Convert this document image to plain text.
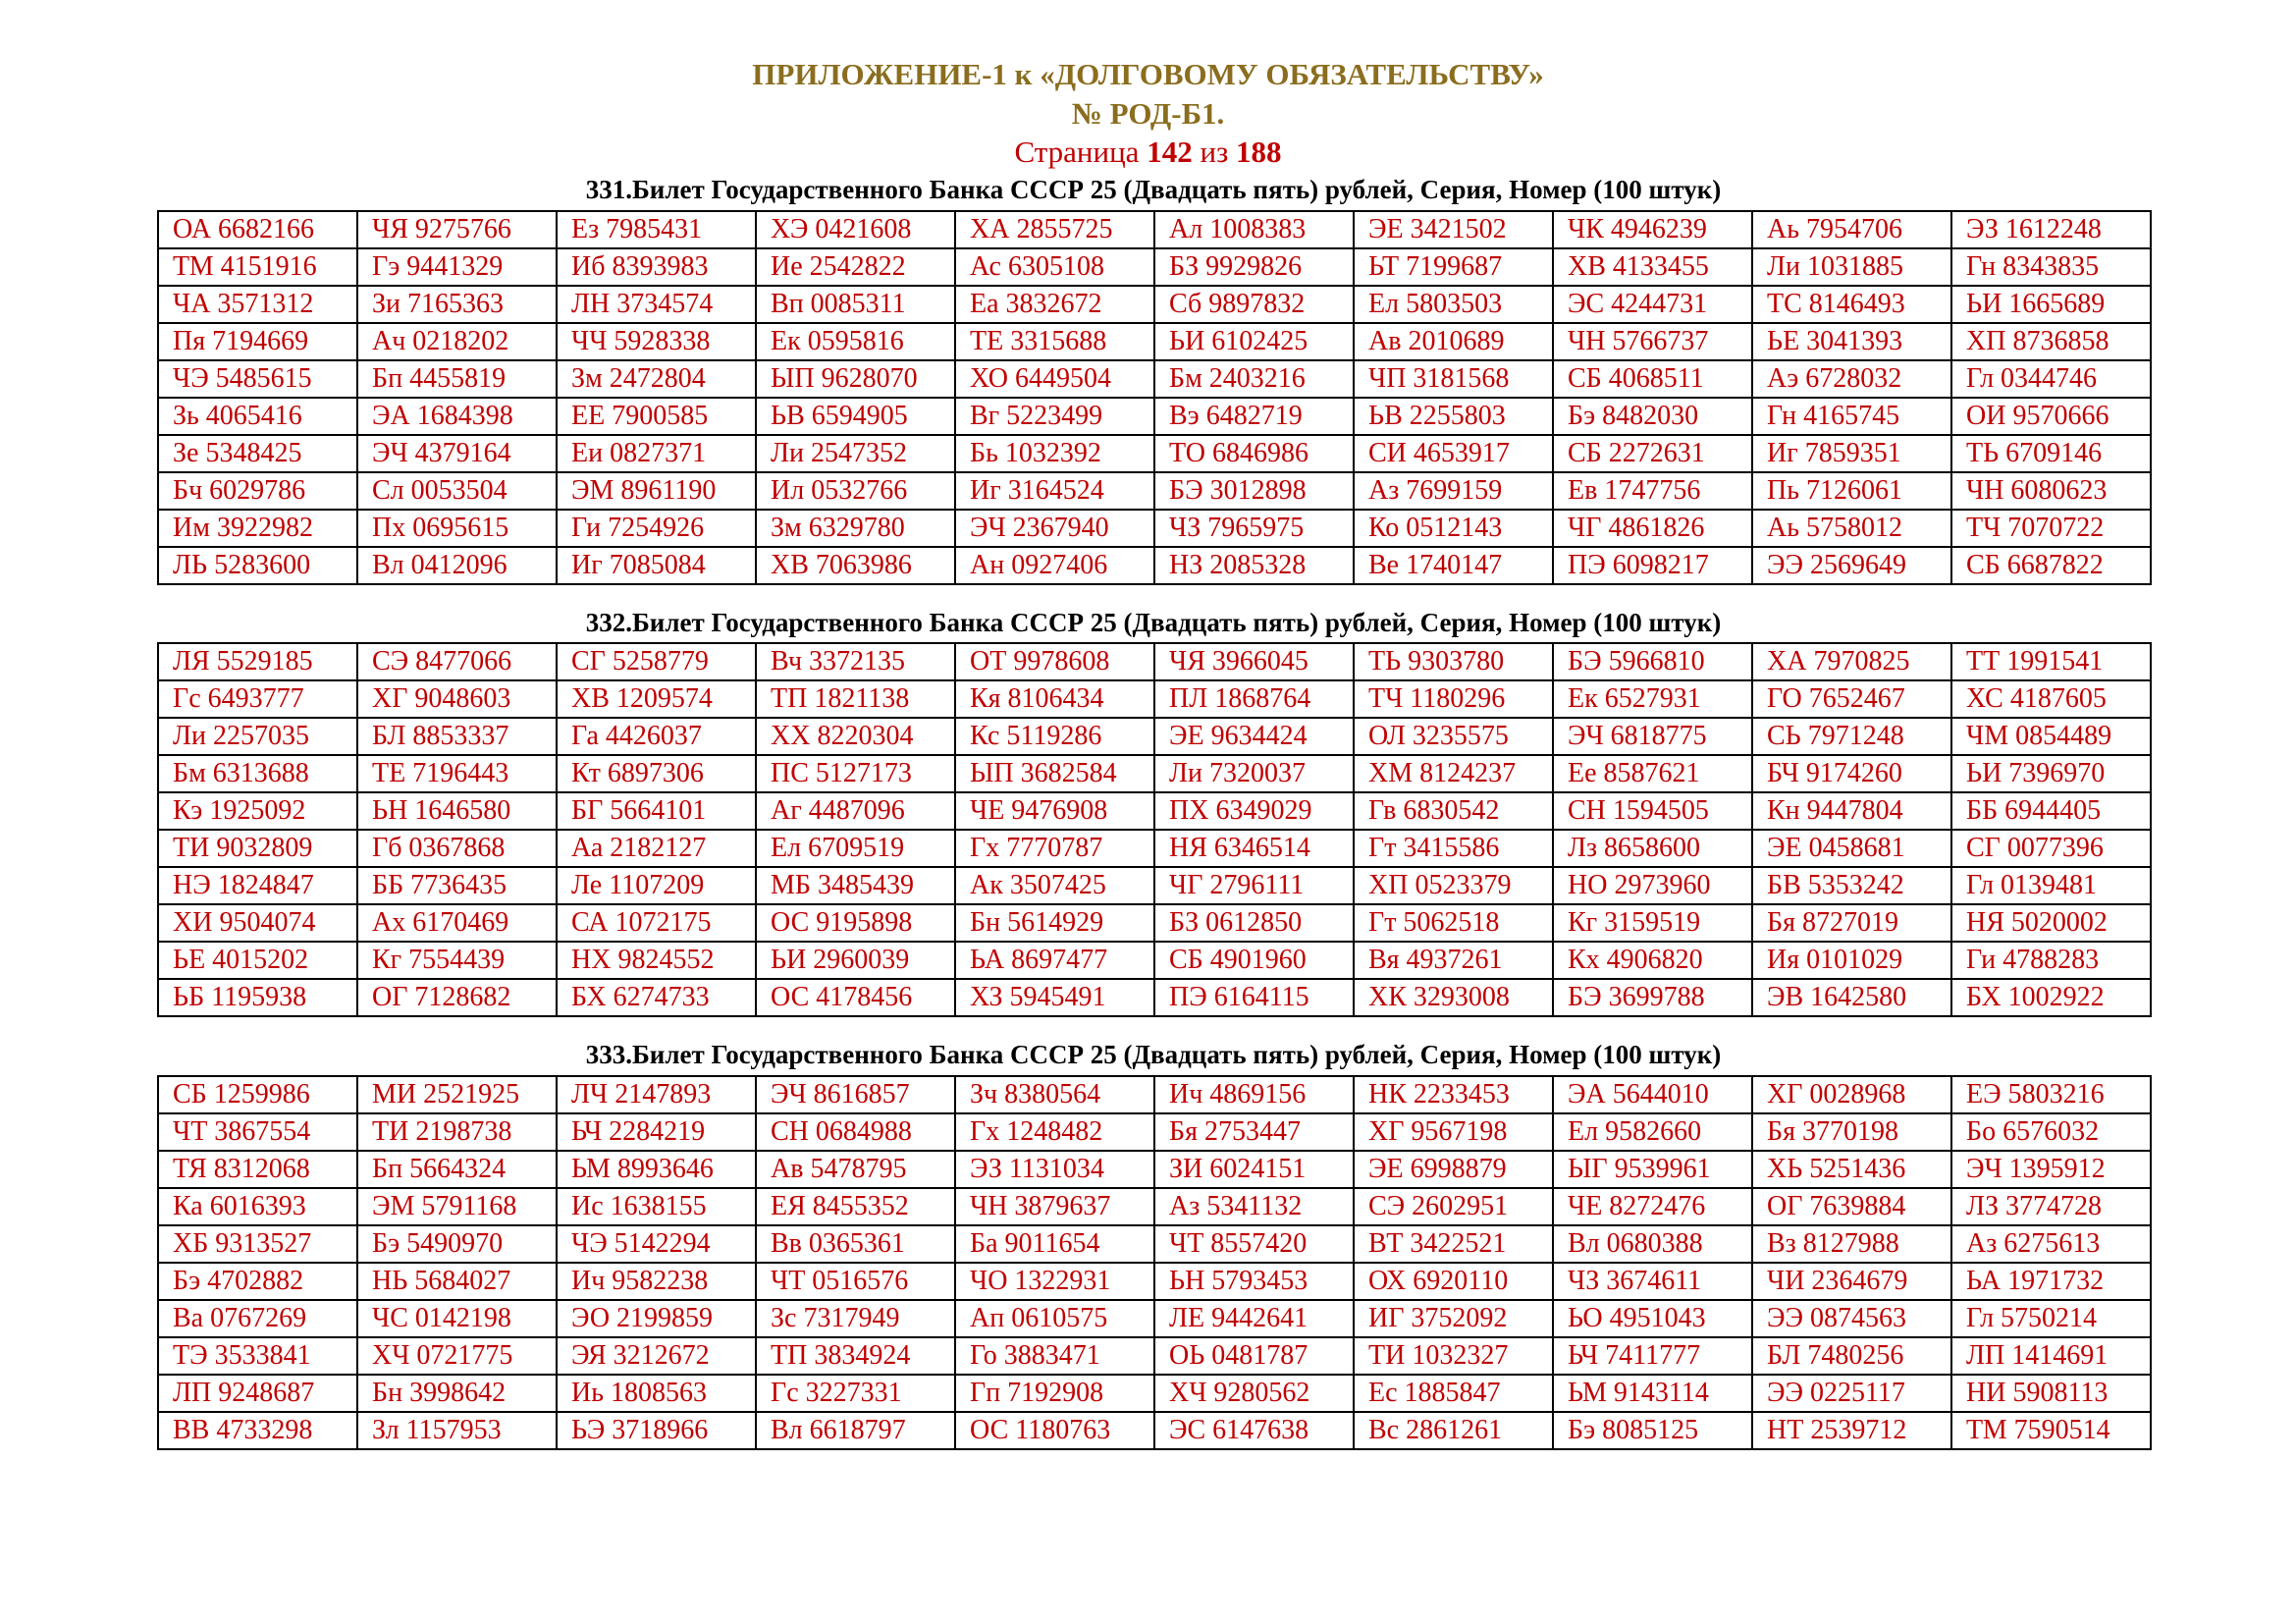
ПРИЛОЖЕНИЕ-1 к «ДОЛГОВОМУ ОБЯЗАТЕЛЬСТВУ»
№ РОД-Б1.
Страница 142 из 188
331.Билет Государственного Банка СССР 25 (Двадцать пять) рублей, Серия, Номер (100 штук)
ОА 6682166	ЧЯ 9275766	Ез 7985431	ХЭ 0421608	ХА 2855725	Ал 1008383	ЭЕ 3421502	ЧК 4946239	Аь 7954706	ЭЗ 1612248
ТМ 4151916	Гэ 9441329	Иб 8393983	Ие 2542822	Ас 6305108	БЗ 9929826	ЬТ 7199687	ХВ 4133455	Ли 1031885	Гн 8343835
ЧА 3571312	Зи 7165363	ЛН 3734574	Вп 0085311	Еа 3832672	Сб 9897832	Ел 5803503	ЭС 4244731	ТС 8146493	ЬИ 1665689
Пя 7194669	Ач 0218202	ЧЧ 5928338	Ек 0595816	ТЕ 3315688	ЬИ 6102425	Ав 2010689	ЧН 5766737	ЬЕ 3041393	ХП 8736858
ЧЭ 5485615	Бп 4455819	Зм 2472804	ЫП 9628070	ХО 6449504	Бм 2403216	ЧП 3181568	СБ 4068511	Аэ 6728032	Гл 0344746
Зь 4065416	ЭА 1684398	ЕЕ 7900585	ЬВ 6594905	Вг 5223499	Вэ 6482719	ЬВ 2255803	Бэ 8482030	Гн 4165745	ОИ 9570666
Зе 5348425	ЭЧ 4379164	Еи 0827371	Ли 2547352	Бь 1032392	ТО 6846986	СИ 4653917	СБ 2272631	Иг 7859351	ТЬ 6709146
Бч 6029786	Сл 0053504	ЭМ 8961190	Ил 0532766	Иг 3164524	БЭ 3012898	Аз 7699159	Ев 1747756	Пь 7126061	ЧН 6080623
Им 3922982	Пх 0695615	Ги 7254926	Зм 6329780	ЭЧ 2367940	ЧЗ 7965975	Ко 0512143	ЧГ 4861826	Аь 5758012	ТЧ 7070722
ЛЬ 5283600	Вл 0412096	Иг 7085084	ХВ 7063986	Ан 0927406	НЗ 2085328	Ве 1740147	ПЭ 6098217	ЭЭ 2569649	СБ 6687822
332.Билет Государственного Банка СССР 25 (Двадцать пять) рублей, Серия, Номер (100 штук)
ЛЯ 5529185	СЭ 8477066	СГ 5258779	Вч 3372135	ОТ 9978608	ЧЯ 3966045	ТЬ 9303780	БЭ 5966810	ХА 7970825	ТТ 1991541
Гс 6493777	ХГ 9048603	ХВ 1209574	ТП 1821138	Кя 8106434	ПЛ 1868764	ТЧ 1180296	Ек 6527931	ГО 7652467	ХС 4187605
Ли 2257035	БЛ 8853337	Га 4426037	ХХ 8220304	Кс 5119286	ЭЕ 9634424	ОЛ 3235575	ЭЧ 6818775	СЬ 7971248	ЧМ 0854489
Бм 6313688	ТЕ 7196443	Кт 6897306	ПС 5127173	ЫП 3682584	Ли 7320037	ХМ 8124237	Ее 8587621	БЧ 9174260	ЬИ 7396970
Кэ 1925092	ЬН 1646580	БГ 5664101	Аг 4487096	ЧЕ 9476908	ПХ 6349029	Гв 6830542	СН 1594505	Кн 9447804	ББ 6944405
ТИ 9032809	Гб 0367868	Аа 2182127	Ел 6709519	Гх 7770787	НЯ 6346514	Гт 3415586	Лз 8658600	ЭЕ 0458681	СГ 0077396
НЭ 1824847	ББ 7736435	Ле 1107209	МБ 3485439	Ак 3507425	ЧГ 2796111	ХП 0523379	НО 2973960	БВ 5353242	Гл 0139481
ХИ 9504074	Ах 6170469	СА 1072175	ОС 9195898	Бн 5614929	БЗ 0612850	Гт 5062518	Кг 3159519	Бя 8727019	НЯ 5020002
ЬЕ 4015202	Кг 7554439	НХ 9824552	ЬИ 2960039	ЬА 8697477	СБ 4901960	Вя 4937261	Кх 4906820	Ия 0101029	Ги 4788283
ЬБ 1195938	ОГ 7128682	БХ 6274733	ОС 4178456	ХЗ 5945491	ПЭ 6164115	ХК 3293008	БЭ 3699788	ЭВ 1642580	БХ 1002922
333.Билет Государственного Банка СССР 25 (Двадцать пять) рублей, Серия, Номер (100 штук)
СБ 1259986	МИ 2521925	ЛЧ 2147893	ЭЧ 8616857	Зч 8380564	Ич 4869156	НК 2233453	ЭА 5644010	ХГ 0028968	ЕЭ 5803216
ЧТ 3867554	ТИ 2198738	ЬЧ 2284219	СН 0684988	Гх 1248482	Бя 2753447	ХГ 9567198	Ел 9582660	Бя 3770198	Бо 6576032
ТЯ 8312068	Бп 5664324	ЬМ 8993646	Ав 5478795	ЭЗ 1131034	ЗИ 6024151	ЭЕ 6998879	ЫГ 9539961	ХЬ 5251436	ЭЧ 1395912
Ка 6016393	ЭМ 5791168	Ис 1638155	ЕЯ 8455352	ЧН 3879637	Аз 5341132	СЭ 2602951	ЧЕ 8272476	ОГ 7639884	ЛЗ 3774728
ХБ 9313527	Бэ 5490970	ЧЭ 5142294	Вв 0365361	Ба 9011654	ЧТ 8557420	ВТ 3422521	Вл 0680388	Вз 8127988	Аз 6275613
Бэ 4702882	НЬ 5684027	Ич 9582238	ЧТ 0516576	ЧО 1322931	ЬН 5793453	ОХ 6920110	ЧЗ 3674611	ЧИ 2364679	ЬА 1971732
Ва 0767269	ЧС 0142198	ЭО 2199859	Зс 7317949	Ап 0610575	ЛЕ 9442641	ИГ 3752092	ЬО 4951043	ЭЭ 0874563	Гл 5750214
ТЭ 3533841	ХЧ 0721775	ЭЯ 3212672	ТП 3834924	Го 3883471	ОЬ 0481787	ТИ 1032327	ЬЧ 7411777	БЛ 7480256	ЛП 1414691
ЛП 9248687	Бн 3998642	Иь 1808563	Гс 3227331	Гп 7192908	ХЧ 9280562	Ес 1885847	ЬМ 9143114	ЭЭ 0225117	НИ 5908113
ВВ 4733298	Зл 1157953	ЬЭ 3718966	Вл 6618797	ОС 1180763	ЭС 6147638	Вс 2861261	Бэ 8085125	НТ 2539712	ТМ 7590514
